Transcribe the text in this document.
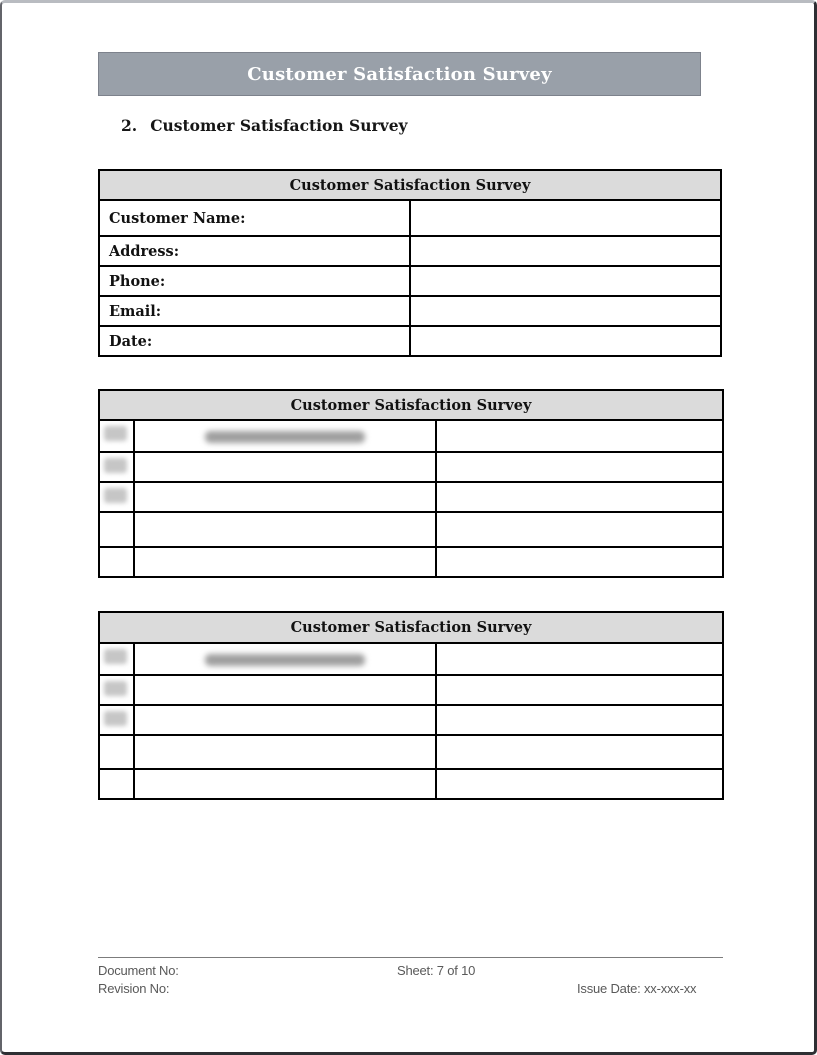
Customer Satisfaction Survey
2. Customer Satisfaction Survey
Customer Satisfaction Survey	
Customer Name:	
Address:	
Phone:	
Email:	
Date:	
Customer Satisfaction Survey		

Customer Satisfaction Survey		

Document No:	Sheet: 7 of 10
Revision No:	Issue Date: xx-xxx-xx
